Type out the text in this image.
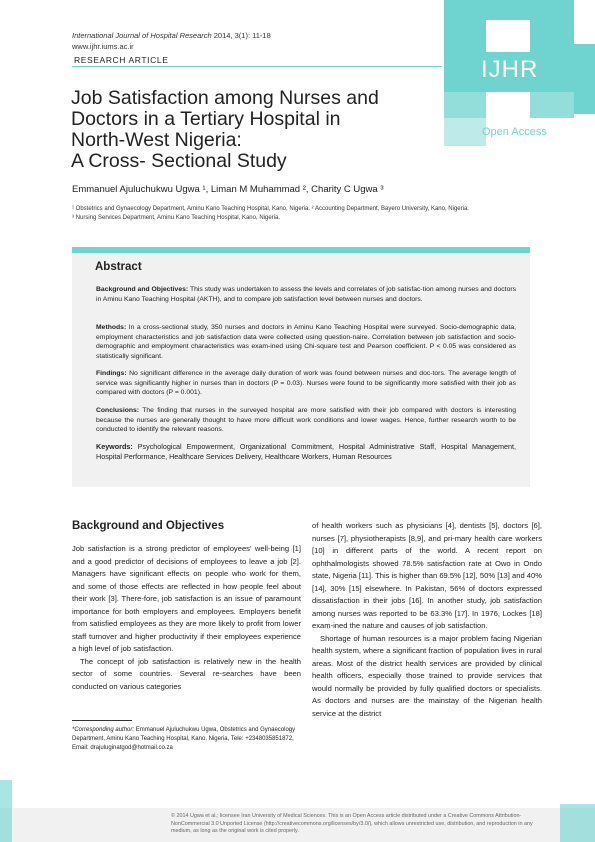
International Journal of Hospital Research 2014, 3(1): 11-18
www.ijhr.iums.ac.ir
RESEARCH ARTICLE	IJHR
Open Access
Job Satisfaction among Nurses and
Doctors in a Tertiary Hospital in
North-West Nigeria:
A Cross- Sectional Study
Emmanuel Ajuluchukwu Ugwa ¹, Liman M Muhammad ², Charity C Ugwa ³
¹ Obstetrics and Gynaecology Department, Aminu Kano Teaching Hospital, Kano, Nigeria. ² Accounting Department, Bayero University, Kano, Nigeria.
³ Nursing Services Department, Aminu Kano Teaching Hospital, Kano, Nigeria.
Abstract
Background and Objectives: This study was undertaken to assess the levels and correlates of job satisfac-tion among nurses and doctors in Aminu Kano Teaching Hospital (AKTH), and to compare job satisfaction level between nurses and doctors.
Methods: In a cross-sectional study, 350 nurses and doctors in Aminu Kano Teaching Hospital were surveyed. Socio-demographic data, employment characteristics and job satisfaction data were collected using question-naire. Correlation between job satisfaction and socio-demographic and employment characteristics was exam-ined using Chi-square test and Pearson coefficient. P < 0.05 was considered as statistically significant.
Findings: No significant difference in the average daily duration of work was found between nurses and doc-tors. The average length of service was significantly higher in nurses than in doctors (P = 0.03). Nurses were found to be significantly more satisfied with their job as compared with doctors (P = 0.001).
Conclusions: The finding that nurses in the surveyed hospital are more satisfied with their job compared with doctors is interesting because the nurses are generally thought to have more difficult work conditions and lower wages. Hence, further research worth to be conducted to identify the relevant reasons.
Keywords: Psychological Empowerment, Organizational Commitment, Hospital Administrative Staff, Hospital Management, Hospital Performance, Healthcare Services Delivery, Healthcare Workers, Human Resources
Background and Objectives

Job satisfaction is a strong predictor of employees' well-being [1] and a good predictor of decisions of employees to leave a job [2]. Managers have significant effects on people who work for them, and some of those effects are reflected in how people feel about their work [3]. There-fore, job satisfaction is an issue of paramount importance for both employers and employees. Employers benefit from satisfied employees as they are more likely to profit from lower staff turnover and higher productivity if their employees experience a high level of job satisfaction.

The concept of job satisfaction is relatively new in the health sector of some countries. Several re-searches have been conducted on various categories

of health workers such as physicians [4], dentists [5], doctors [6], nurses [7], physiotherapists [8,9], and pri-mary health care workers [10] in different parts of the world. A recent report on ophthalmologists showed 78.5% satisfaction rate at Owo in Ondo state, Nigeria [11]. This is higher than 69.5% [12], 50% [13] and 40% [14], 30% [15] elsewhere. In Pakistan, 56% of doctors expressed dissatisfaction in their jobs [16]. In another study, job satisfaction among nurses was reported to be 63.3% [17]. In 1976, Lockes [18] exam-ined the nature and causes of job satisfaction.

Shortage of human resources is a major problem facing Nigerian health system, where a significant fraction of population lives in rural areas. Most of the district health services are provided by clinical health officers, especially those trained to provide services that would normally be provided by fully qualified doctors or specialists. As doctors and nurses are the mainstay of the Nigerian health service at the district

*Corresponding author: Emmanuel Ajuluchukwu Ugwa, Obstetrics and Gynaecology Department, Aminu Kano Teaching Hospital, Kano, Nigeria, Tele: +2348035851872, Email: drajuluginatgod@hotmail.co.za
© 2014 Ugwa et al.; licensee Iran University of Medical Sciences. This is an Open Access article distributed under a Creative Commons Attribution-NonCommercial 3.0 Unported License (http://creativecommons.org/licenses/by/3.0/), which allows unrestricted use, distribution, and reproduction in any medium, as long as the original work is cited properly.
